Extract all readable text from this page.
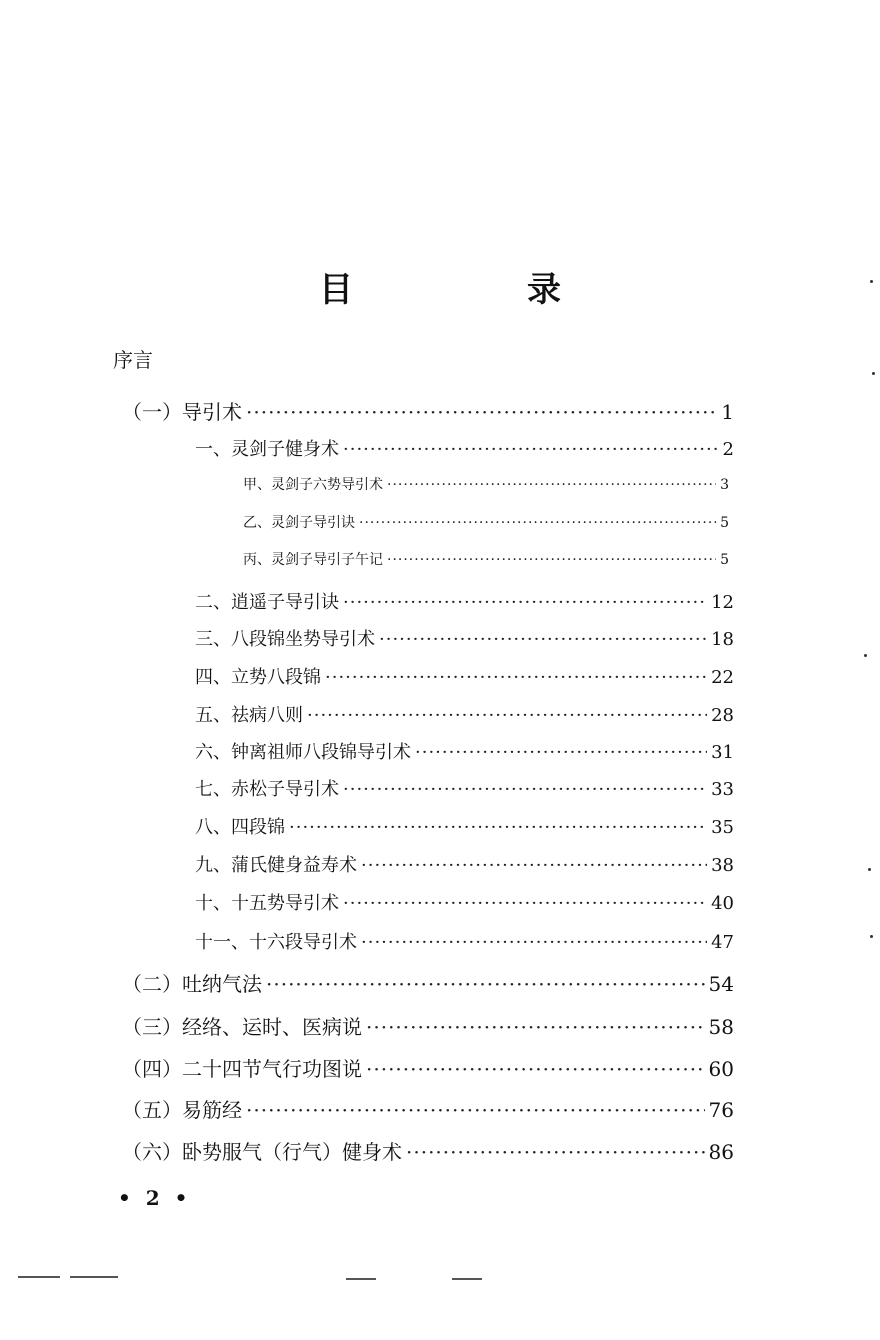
目　录
序言
（一）导引术 ·····	1
一、灵剑子健身术 ·····	2
甲、灵剑子六势导引术 ·····	3
乙、灵剑子导引诀 ·····	5
丙、灵剑子导引子午记 ·····	5
二、逍遥子导引诀 ·····	12
三、八段锦坐势导引术 ·····	18
四、立势八段锦 ·····	22
五、祛病八则 ·····	28
六、钟离祖师八段锦导引术 ·····	31
七、赤松子导引术 ·····	33
八、四段锦 ·····	35
九、蒲氏健身益寿术 ·····	38
十、十五势导引术 ·····	40
十一、十六段导引术 ·····	47
（二）吐纳气法 ·····	54
（三）经络、运时、医病说 ·····	58
（四）二十四节气行功图说 ·····	60
（五）易筋经 ·····	76
（六）卧势服气（行气）健身术 ·····	86
• 2 •
